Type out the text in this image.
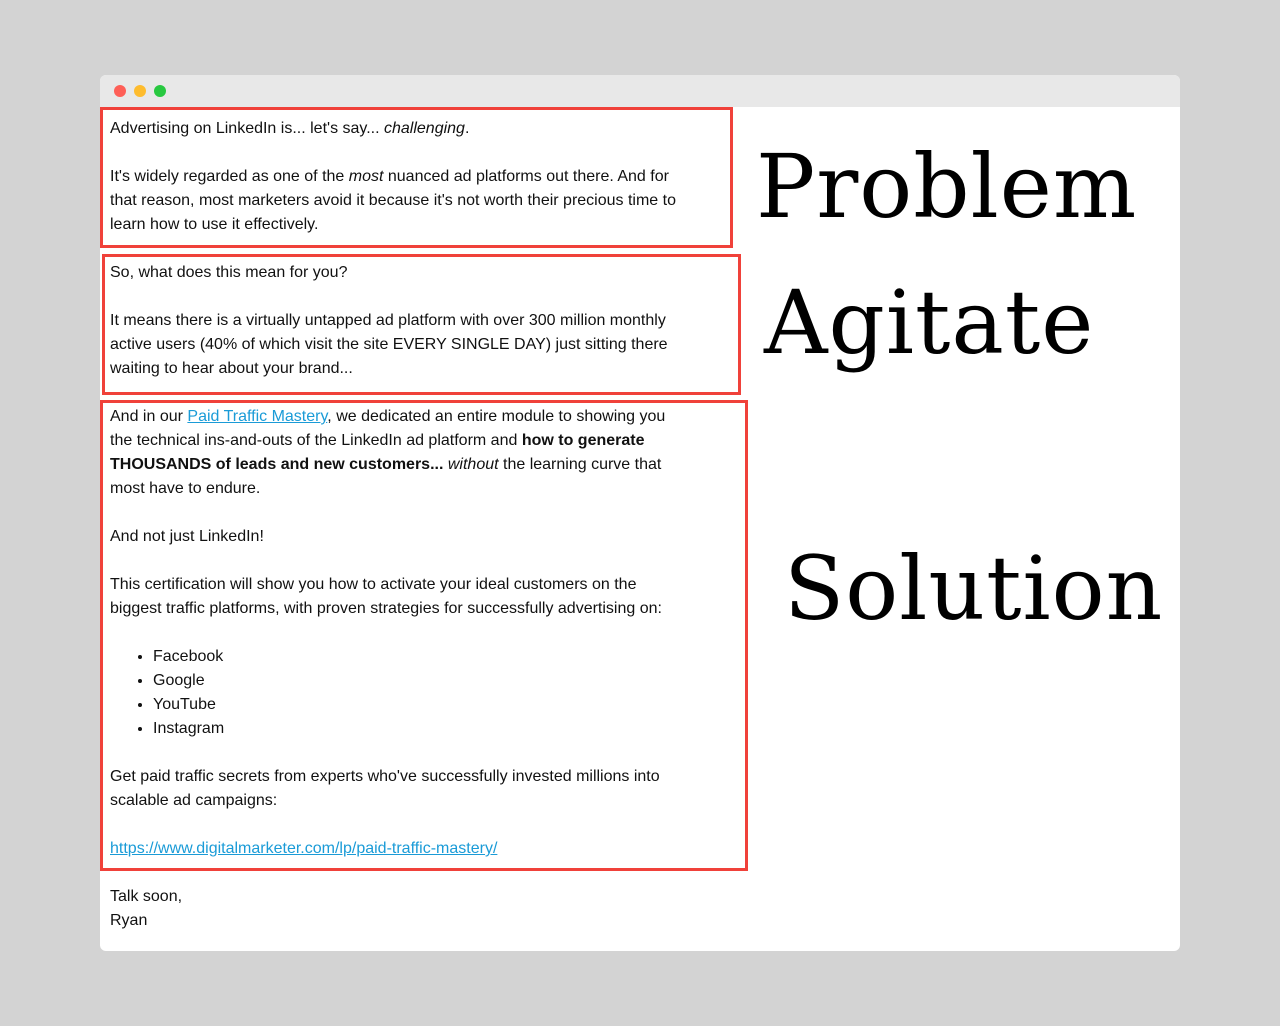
Advertising on LinkedIn is... let's say... challenging.

It's widely regarded as one of the most nuanced ad platforms out there. And for that reason, most marketers avoid it because it's not worth their precious time to learn how to use it effectively.

So, what does this mean for you?

It means there is a virtually untapped ad platform with over 300 million monthly active users (40% of which visit the site EVERY SINGLE DAY) just sitting there waiting to hear about your brand...

And in our Paid Traffic Mastery, we dedicated an entire module to showing you the technical ins-and-outs of the LinkedIn ad platform and how to generate THOUSANDS of leads and new customers... without the learning curve that most have to endure.

And not just LinkedIn!

This certification will show you how to activate your ideal customers on the biggest traffic platforms, with proven strategies for successfully advertising on:

• Facebook
• Google
• YouTube
• Instagram

Get paid traffic secrets from experts who've successfully invested millions into scalable ad campaigns:

https://www.digitalmarketer.com/lp/paid-traffic-mastery/

Talk soon,

Ryan

Problem
Agitate
Solution
